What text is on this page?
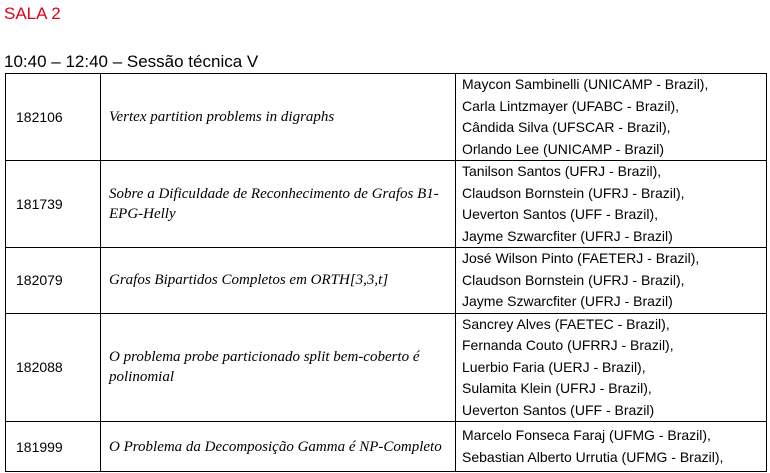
SALA 2
10:40 – 12:40 – Sessão técnica V
182106	Vertex partition problems in digraphs	Maycon Sambinelli (UNICAMP - Brazil),
Carla Lintzmayer (UFABC - Brazil),
Cândida Silva (UFSCAR - Brazil),
Orlando Lee (UNICAMP - Brazil)

181739	Sobre a Dificuldade de Reconhecimento de Grafos B1-EPG-Helly	Tanilson Santos (UFRJ - Brazil),
Claudson Bornstein (UFRJ - Brazil),
Ueverton Santos (UFF - Brazil),
Jayme Szwarcfiter (UFRJ - Brazil)

182079	Grafos Bipartidos Completos em ORTH[3,3,t]	José Wilson Pinto (FAETERJ - Brazil),
Claudson Bornstein (UFRJ - Brazil),
Jayme Szwarcfiter (UFRJ - Brazil)

182088	O problema probe particionado split bem-coberto é polinomial	Sancrey Alves (FAETEC - Brazil),
Fernanda Couto (UFRRJ - Brazil),
Luerbio Faria (UERJ - Brazil),
Sulamita Klein (UFRJ - Brazil),
Ueverton Santos (UFF - Brazil)

181999	O Problema da Decomposição Gamma é NP-Completo	Marcelo Fonseca Faraj (UFMG - Brazil),
Sebastian Alberto Urrutia (UFMG - Brazil),
